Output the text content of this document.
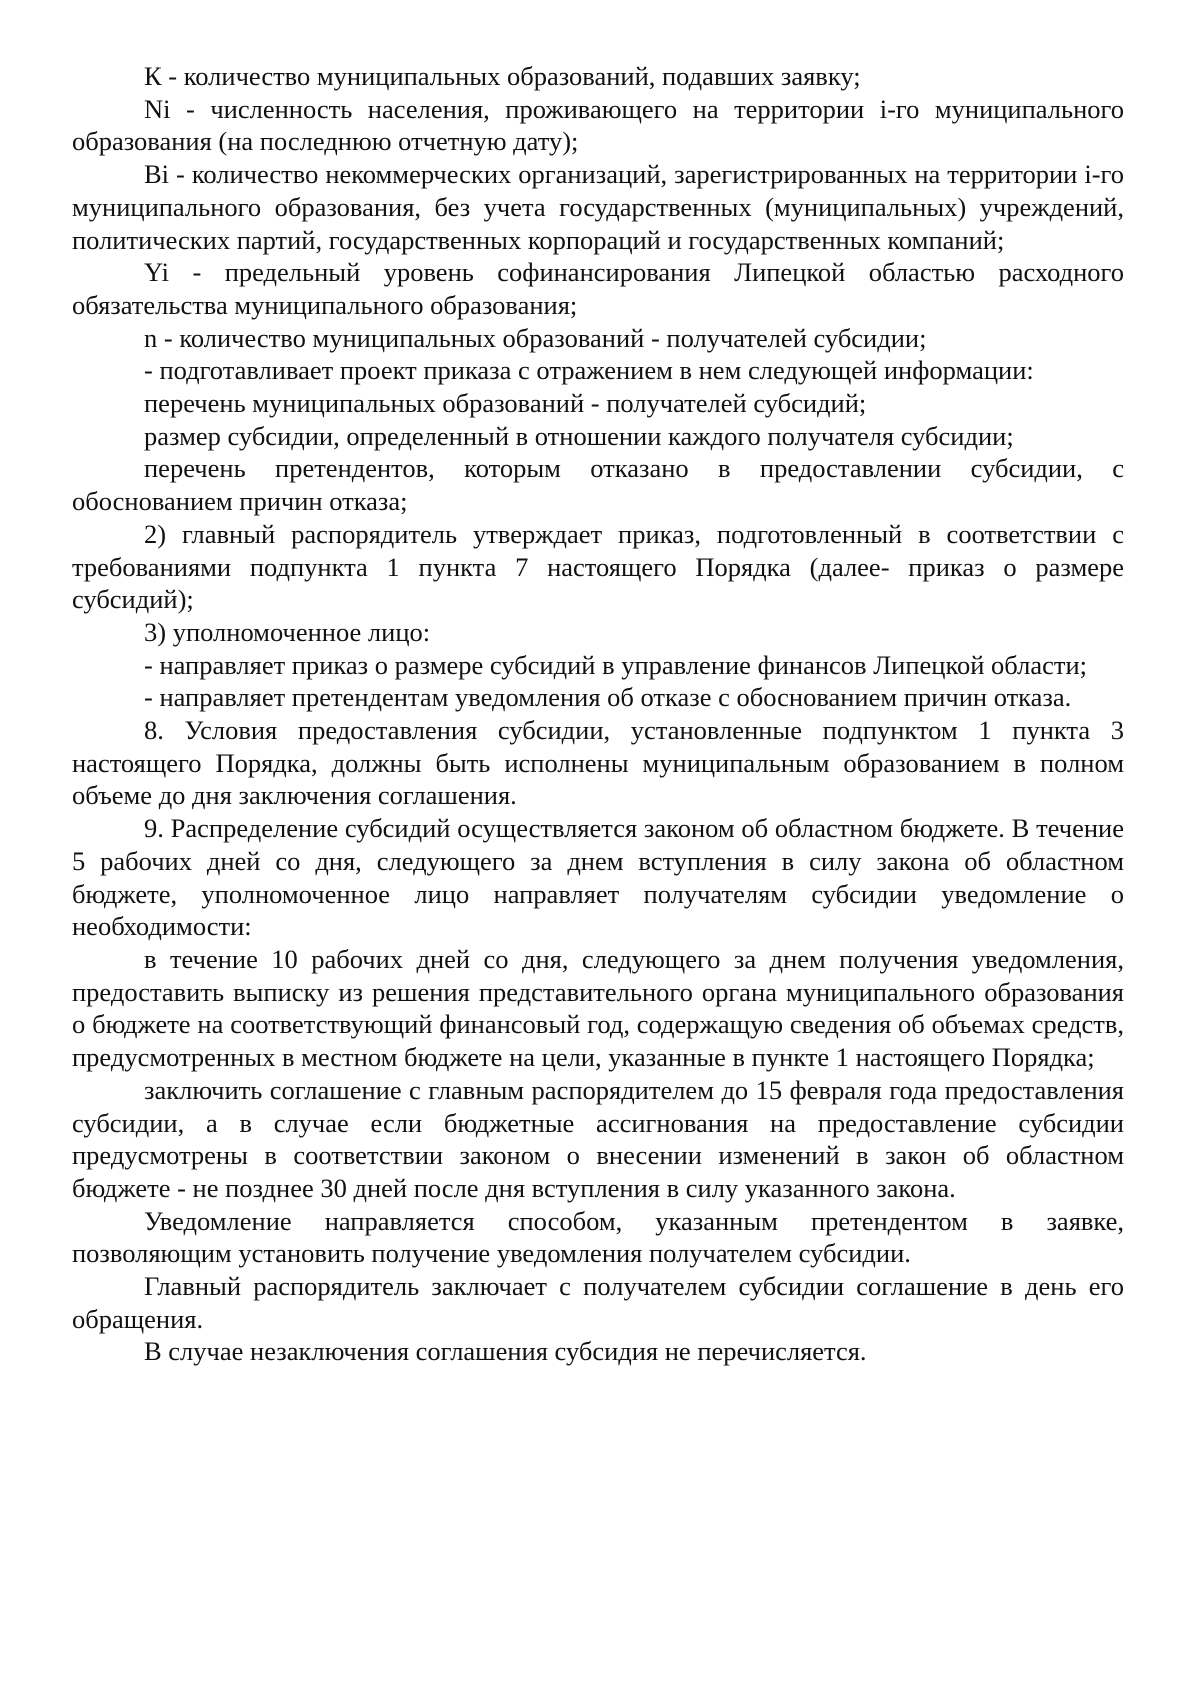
К - количество муниципальных образований, подавших заявку;

Ni - численность населения, проживающего на территории i-го муниципального образования (на последнюю отчетную дату);

Bi - количество некоммерческих организаций, зарегистрированных на территории i-го муниципального образования, без учета государственных (муниципальных) учреждений, политических партий, государственных корпораций и государственных компаний;

Yi - предельный уровень софинансирования Липецкой областью расходного обязательства муниципального образования;

n - количество муниципальных образований - получателей субсидии;

- подготавливает проект приказа с отражением в нем следующей информации:

перечень муниципальных образований - получателей субсидий;

размер субсидии, определенный в отношении каждого получателя субсидии;

перечень претендентов, которым отказано в предоставлении субсидии, с обоснованием причин отказа;

2) главный распорядитель утверждает приказ, подготовленный в соответствии с требованиями подпункта 1 пункта 7 настоящего Порядка (далее- приказ о размере субсидий);

3) уполномоченное лицо:

- направляет приказ о размере субсидий в управление финансов Липецкой области;

- направляет претендентам уведомления об отказе с обоснованием причин отказа.

8. Условия предоставления субсидии, установленные подпунктом 1 пункта 3 настоящего Порядка, должны быть исполнены муниципальным образованием в полном объеме до дня заключения соглашения.

9. Распределение субсидий осуществляется законом об областном бюджете. В течение 5 рабочих дней со дня, следующего за днем вступления в силу закона об областном бюджете, уполномоченное лицо направляет получателям субсидии уведомление о необходимости:

в течение 10 рабочих дней со дня, следующего за днем получения уведомления, предоставить выписку из решения представительного органа муниципального образования о бюджете на соответствующий финансовый год, содержащую сведения об объемах средств, предусмотренных в местном бюджете на цели, указанные в пункте 1 настоящего Порядка;

заключить соглашение с главным распорядителем до 15 февраля года предоставления субсидии, а в случае если бюджетные ассигнования на предоставление субсидии предусмотрены в соответствии законом о внесении изменений в закон об областном бюджете - не позднее 30 дней после дня вступления в силу указанного закона.

Уведомление направляется способом, указанным претендентом в заявке, позволяющим установить получение уведомления получателем субсидии.

Главный распорядитель заключает с получателем субсидии соглашение в день его обращения.

В случае незаключения соглашения субсидия не перечисляется.
